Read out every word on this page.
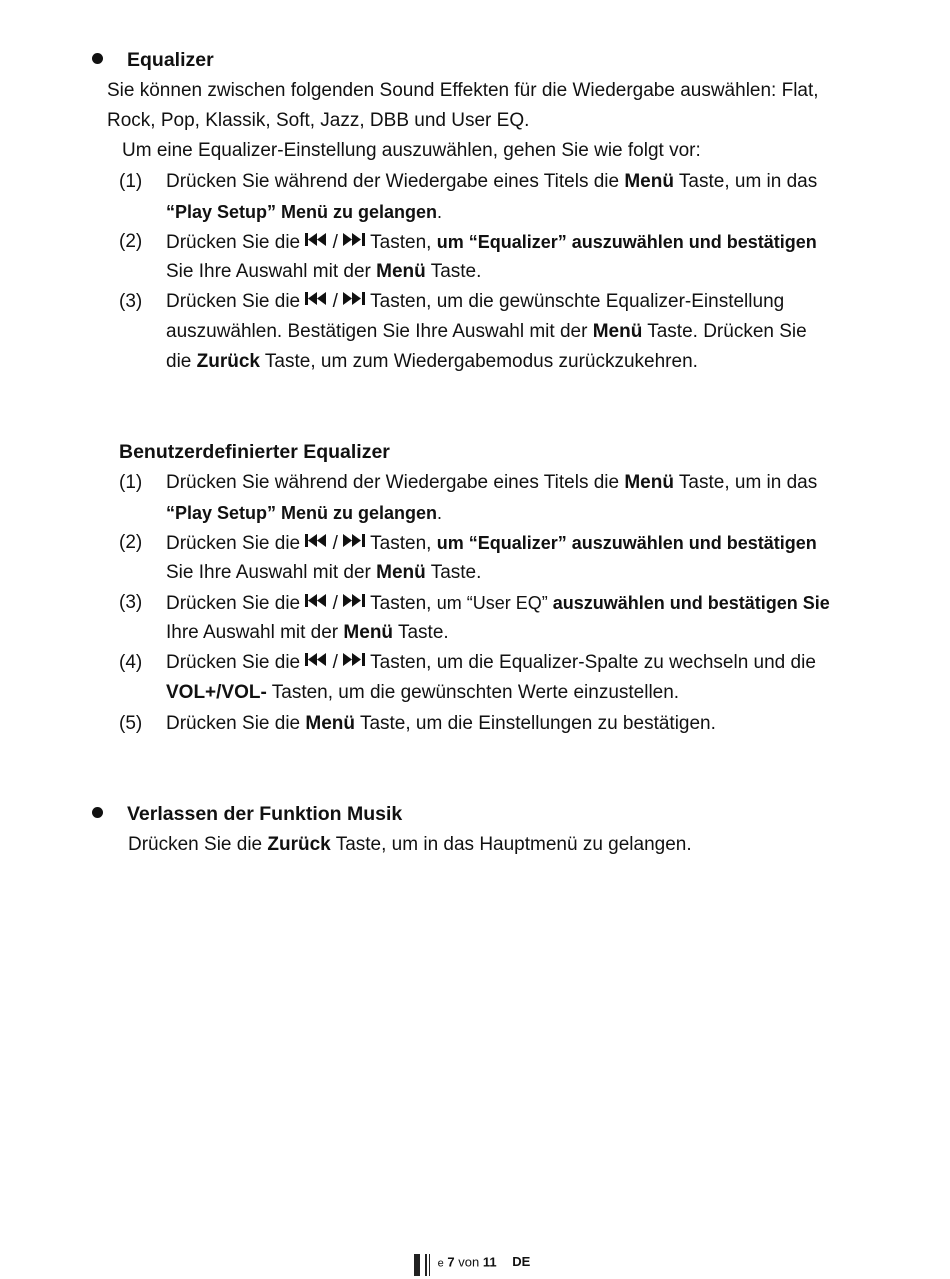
Equalizer
Sie können zwischen folgenden Sound Effekten für die Wiedergabe auswählen: Flat,
Rock, Pop, Klassik, Soft, Jazz, DBB und User EQ.
Um eine Equalizer-Einstellung auszuwählen, gehen Sie wie folgt vor:
(1) Drücken Sie während der Wiedergabe eines Titels die Menü Taste, um in das
“Play Setup” Menü zu gelangen.
(2) Drücken Sie die  /  Tasten, um “Equalizer” auszuwählen und bestätigen
Sie Ihre Auswahl mit der Menü Taste.
(3) Drücken Sie die  /  Tasten, um die gewünschte Equalizer-Einstellung
auszuwählen. Bestätigen Sie Ihre Auswahl mit der Menü Taste. Drücken Sie
die Zurück Taste, um zum Wiedergabemodus zurückzukehren.
Benutzerdefinierter Equalizer
(1) Drücken Sie während der Wiedergabe eines Titels die Menü Taste, um in das
“Play Setup” Menü zu gelangen.
(2) Drücken Sie die  /  Tasten, um “Equalizer” auszuwählen und bestätigen
Sie Ihre Auswahl mit der Menü Taste.
(3) Drücken Sie die  /  Tasten, um “User EQ” auszuwählen und bestätigen Sie
Ihre Auswahl mit der Menü Taste.
(4) Drücken Sie die  /  Tasten, um die Equalizer-Spalte zu wechseln und die
VOL+/VOL- Tasten, um die gewünschten Werte einzustellen.
(5) Drücken Sie die Menü Taste, um die Einstellungen zu bestätigen.
Verlassen der Funktion Musik
Drücken Sie die Zurück Taste, um in das Hauptmenü zu gelangen.
e 7 von 11 DE
